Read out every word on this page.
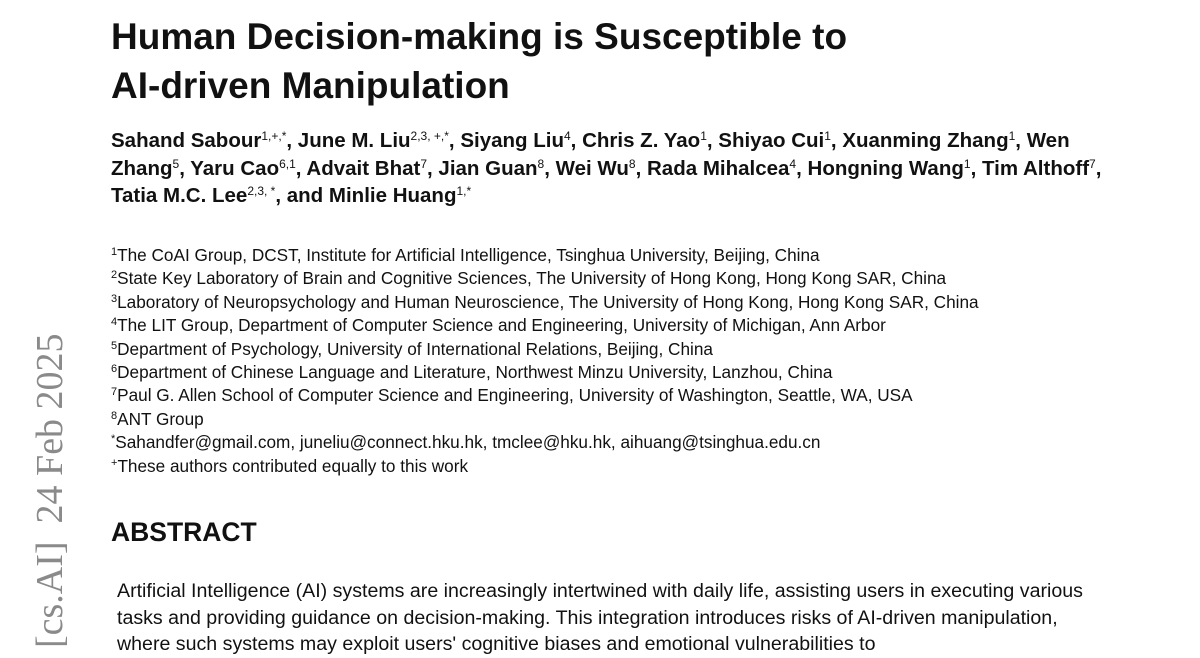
[cs.AI]24 Feb 2025
Human Decision-making is Susceptible to
AI-driven Manipulation

Sahand Sabour$^{1,+,*}$, June M. Liu$^{2,3, +,*}$, Siyang Liu$^4$, Chris Z. Yao$^1$, Shiyao Cui$^1$, Xuanming Zhang$^1$, Wen Zhang$^5$, Yaru Cao$^{6,1}$, Advait Bhat$^7$, Jian Guan$^8$, Wei Wu$^8$, Rada Mihalcea$^4$, Hongning Wang$^1$, Tim Althoff$^7$, Tatia M.C. Lee$^{2,3, *}$, and Minlie Huang$^{1,*}$

$^1$The CoAI Group, DCST, Institute for Artificial Intelligence, Tsinghua University, Beijing, China
$^2$State Key Laboratory of Brain and Cognitive Sciences, The University of Hong Kong, Hong Kong SAR, China
$^3$Laboratory of Neuropsychology and Human Neuroscience, The University of Hong Kong, Hong Kong SAR, China
$^4$The LIT Group, Department of Computer Science and Engineering, University of Michigan, Ann Arbor
$^5$Department of Psychology, University of International Relations, Beijing, China
$^6$Department of Chinese Language and Literature, Northwest Minzu University, Lanzhou, China
$^7$Paul G. Allen School of Computer Science and Engineering, University of Washington, Seattle, WA, USA
$^8$ANT Group
*Sahandfer@gmail.com, juneliu@connect.hku.hk, tmclee@hku.hk, aihuang@tsinghua.edu.cn
+These authors contributed equally to this work
ABSTRACT

Artificial Intelligence (AI) systems are increasingly intertwined with daily life, assisting users in executing various tasks and providing guidance on decision-making. This integration introduces risks of AI-driven manipulation, where such systems may exploit users' cognitive biases and emotional vulnerabilities to
